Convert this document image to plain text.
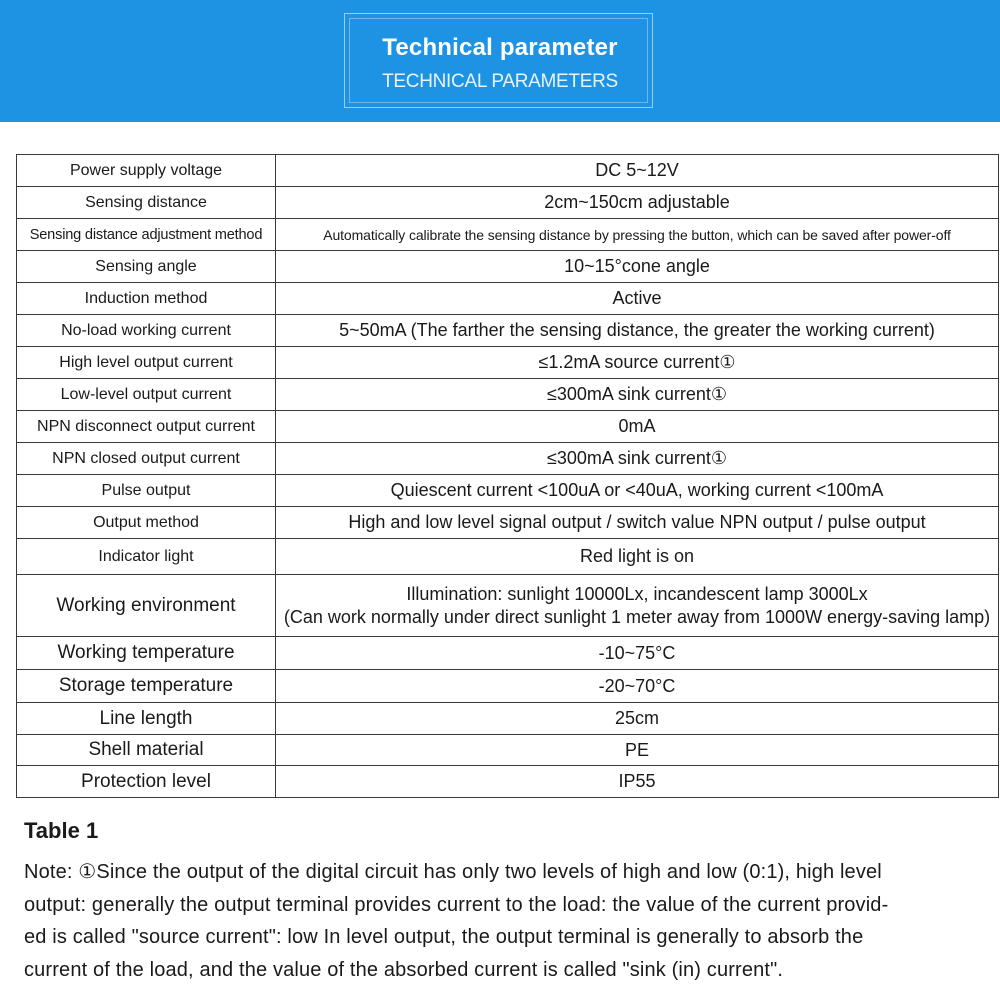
Technical parameter
TECHNICAL PARAMETERS
Power supply voltage	DC 5~12V
Sensing distance	2cm~150cm adjustable
Sensing distance adjustment method	Automatically calibrate the sensing distance by pressing the button, which can be saved after power-off
Sensing angle	10~15°cone angle
Induction method	Active
No-load working current	5~50mA (The farther the sensing distance, the greater the working current)
High level output current	≤1.2mA source current①
Low-level output current	≤300mA sink current①
NPN disconnect output current	0mA
NPN closed output current	≤300mA sink current①
Pulse output	Quiescent current <100uA or <40uA, working current <100mA
Output method	High and low level signal output / switch value NPN output / pulse output
Indicator light	Red light is on
Working environment	Illumination: sunlight 10000Lx, incandescent lamp 3000Lx
(Can work normally under direct sunlight 1 meter away from 1000W energy-saving lamp)

Working temperature	-10~75°C
Storage temperature	-20~70°C
Line length	25cm
Shell material	PE
Protection level	IP55
Table 1

Note: ①Since the output of the digital circuit has only two levels of high and low (0:1), high level

output: generally the output terminal provides current to the load: the value of the current provid-

ed is called "source current": low In level output, the output terminal is generally to absorb the

current of the load, and the value of the absorbed current is called "sink (in) current".
